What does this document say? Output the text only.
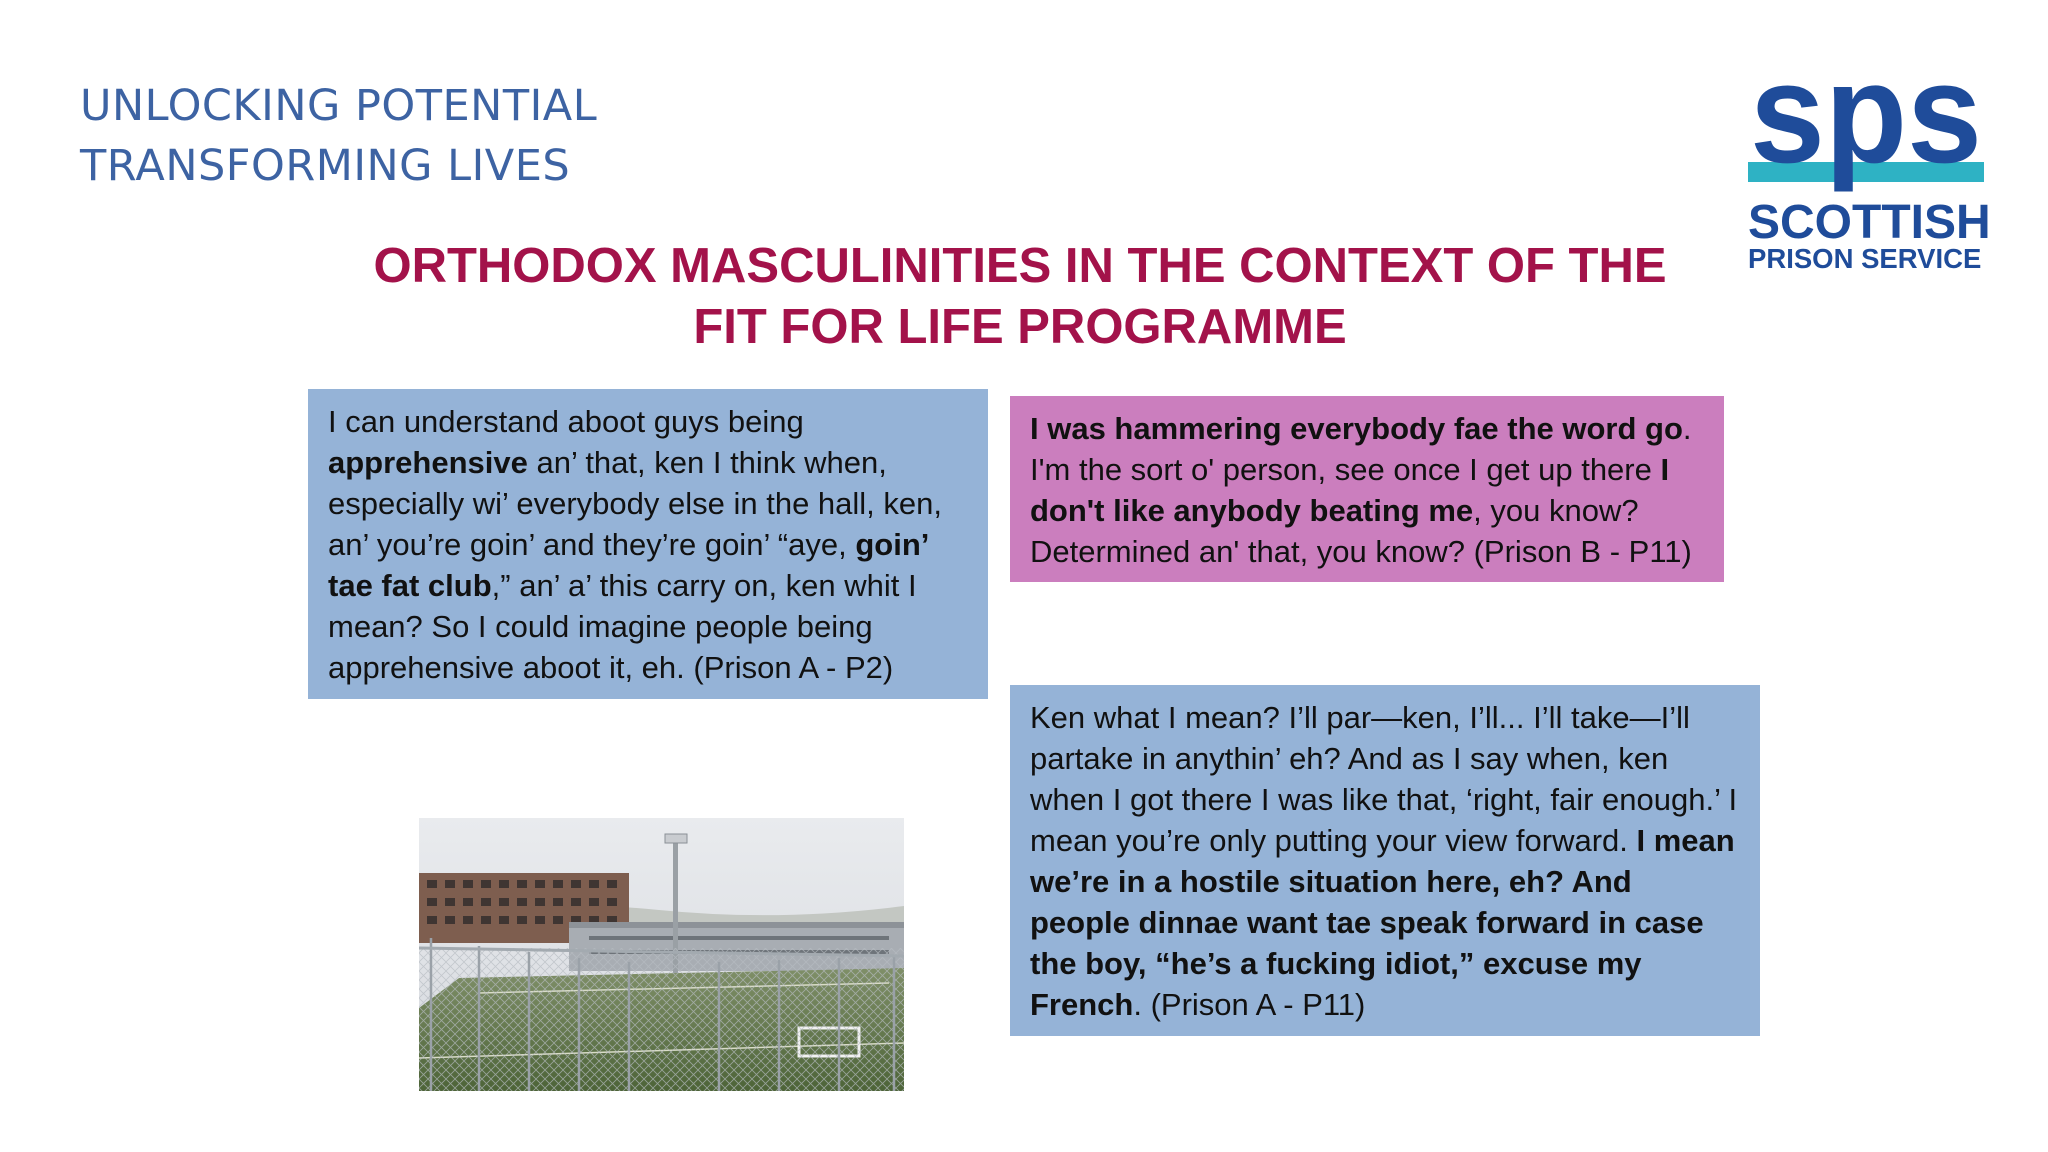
UNLOCKING POTENTIAL
TRANSFORMING LIVES	sps
SCOTTISH
PRISON SERVICE
ORTHODOX MASCULINITIES IN THE CONTEXT OF THE
FIT FOR LIFE PROGRAMME
I can understand aboot guys being apprehensive an’ that, ken I think when, especially wi’ everybody else in the hall, ken, an’ you’re goin’ and they’re goin’ “aye, goin’ tae fat club,” an’ a’ this carry on, ken whit I mean? So I could imagine people being apprehensive aboot it, eh. (Prison A - P2)
I was hammering everybody fae the word go. I'm the sort o' person, see once I get up there I don't like anybody beating me, you know? Determined an' that, you know? (Prison B - P11)
Ken what I mean? I’ll par—ken, I’ll... I’ll take—I’ll partake in anythin’ eh? And as I say when, ken when I got there I was like that, ‘right, fair enough.’ I mean you’re only putting your view forward. I mean we’re in a hostile situation here, eh? And people dinnae want tae speak forward in case the boy, “he’s a fucking idiot,” excuse my French. (Prison A - P11)
